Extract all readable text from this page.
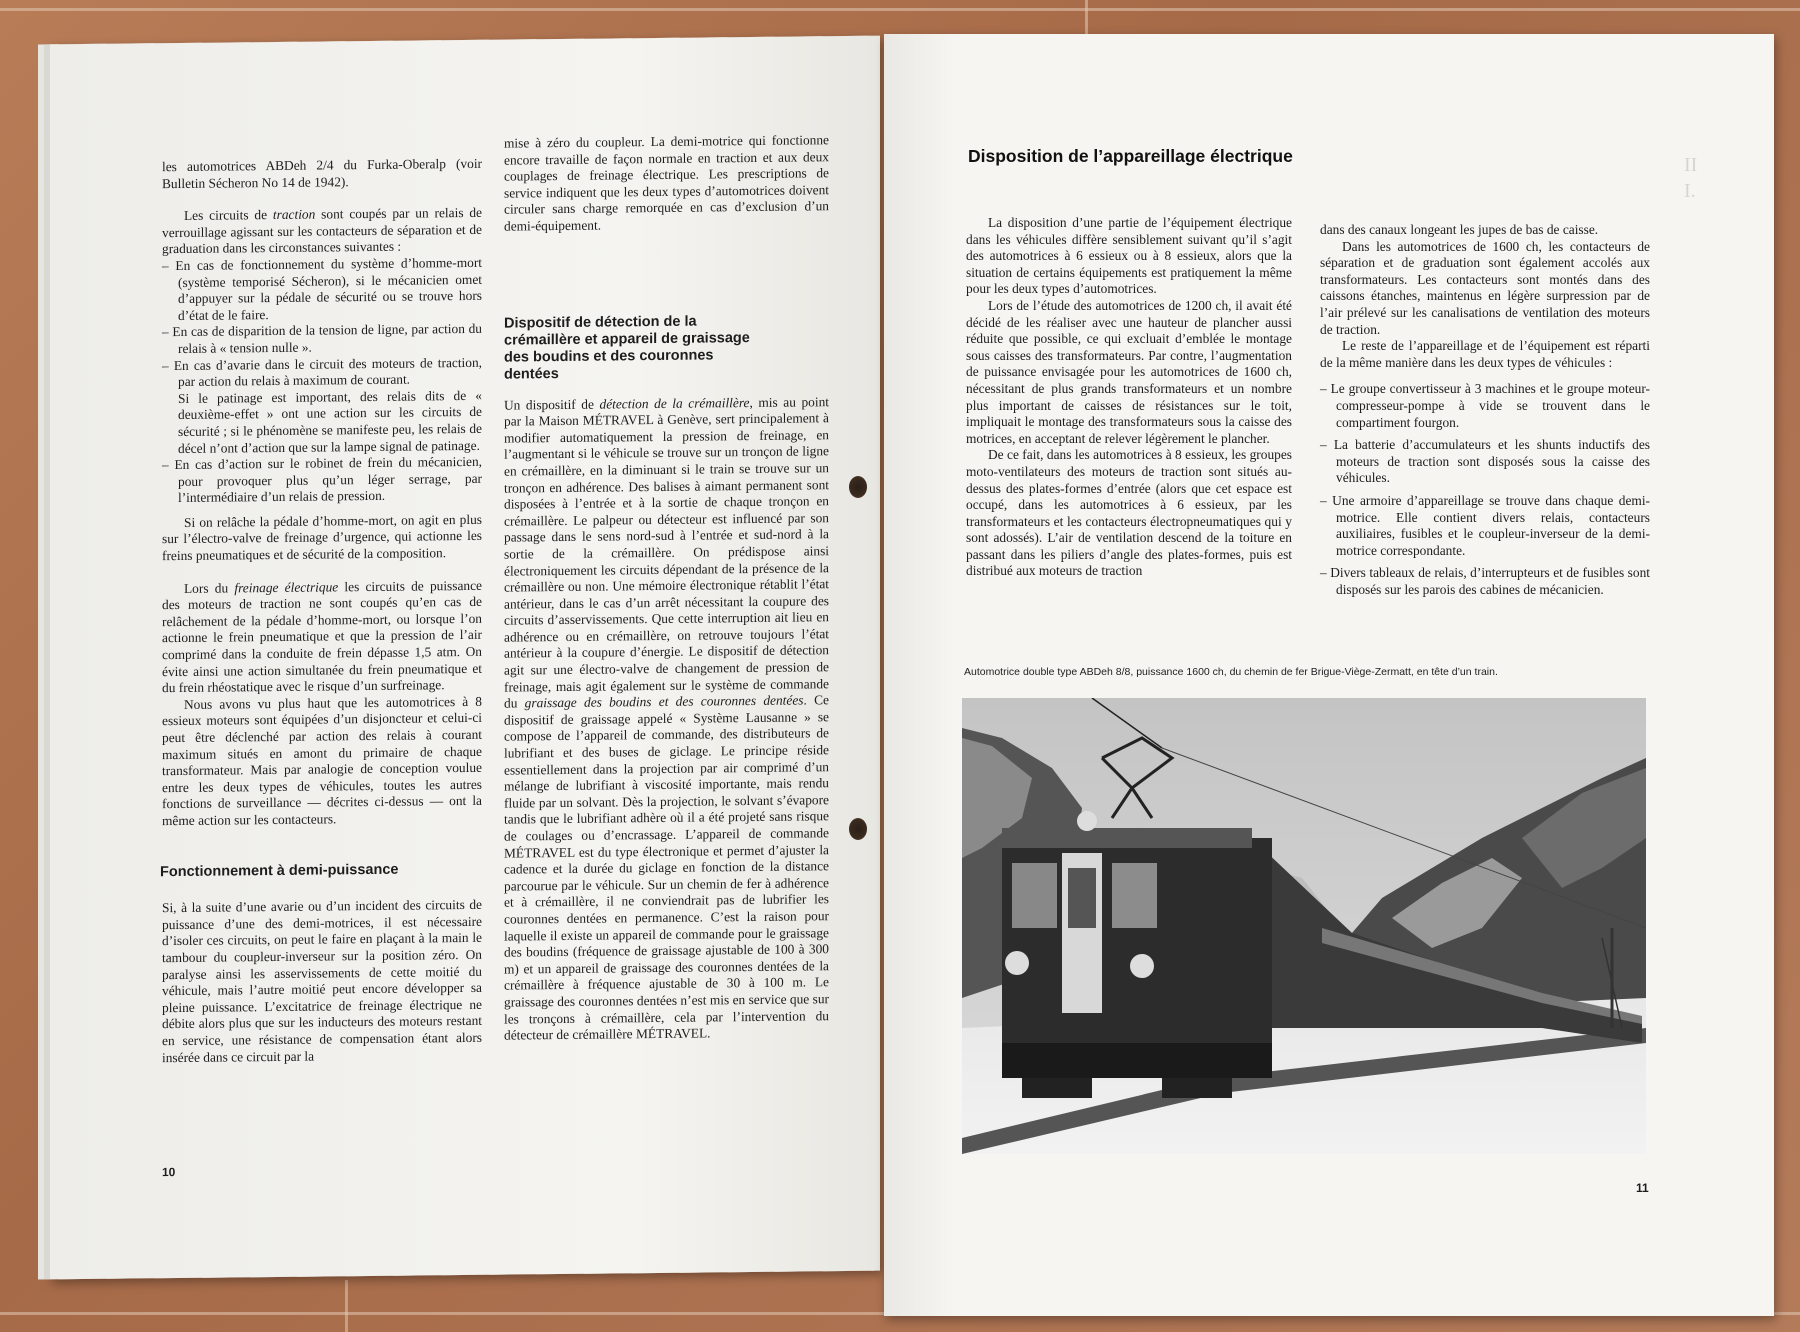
les automotrices ABDeh 2/4 du Furka-Oberalp (voir Bulletin Sécheron No 14 de 1942).

Les circuits de traction sont coupés par un relais de verrouillage agissant sur les contacteurs de séparation et de graduation dans les circonstances suivantes :

– En cas de fonctionnement du système d’homme-mort (système temporisé Sécheron), si le mécanicien omet d’appuyer sur la pédale de sécurité ou se trouve hors d’état de le faire.
– En cas de disparition de la tension de ligne, par action du relais à « tension nulle ».
– En cas d’avarie dans le circuit des moteurs de traction, par action du relais à maximum de courant.

Si le patinage est important, des relais dits de « deuxième-effet » ont une action sur les circuits de sécurité ; si le phénomène se manifeste peu, les relais de décel n’ont d’action que sur la lampe signal de patinage.

– En cas d’action sur le robinet de frein du mécanicien, pour provoquer plus qu’un léger serrage, par l’intermédiaire d’un relais de pression.

Si on relâche la pédale d’homme-mort, on agit en plus sur l’électro-valve de freinage d’urgence, qui actionne les freins pneumatiques et de sécurité de la composition.

Lors du freinage électrique les circuits de puissance des moteurs de traction ne sont coupés qu’en cas de relâchement de la pédale d’homme-mort, ou lorsque l’on actionne le frein pneumatique et que la pression de l’air comprimé dans la conduite de frein dépasse 1,5 atm. On évite ainsi une action simultanée du frein pneumatique et du frein rhéostatique avec le risque d’un surfreinage.

Nous avons vu plus haut que les automotrices à 8 essieux moteurs sont équipées d’un disjoncteur et celui-ci peut être déclenché par action des relais à courant maximum situés en amont du primaire de chaque transformateur. Mais par analogie de conception voulue entre les deux types de véhicules, toutes les autres fonctions de surveillance — décrites ci-dessus — ont la même action sur les contacteurs.

Fonctionnement à demi-puissance

Si, à la suite d’une avarie ou d’un incident des circuits de puissance d’une des demi-motrices, il est nécessaire d’isoler ces circuits, on peut le faire en plaçant à la main le tambour du coupleur-inverseur sur la position zéro. On paralyse ainsi les asservissements de cette moitié du véhicule, mais l’autre moitié peut encore développer sa pleine puissance. L’excitatrice de freinage électrique ne débite alors plus que sur les inducteurs des moteurs restant en service, une résistance de compensation étant alors insérée dans ce circuit par la

mise à zéro du coupleur. La demi-motrice qui fonctionne encore travaille de façon normale en traction et aux deux couplages de freinage électrique. Les prescriptions de service indiquent que les deux types d’automotrices doivent circuler sans charge remorquée en cas d’exclusion d’un demi-équipement.

Dispositif de détection de la crémaillère et appareil de graissage des boudins et des couronnes dentées

Un dispositif de détection de la crémaillère, mis au point par la Maison MÉTRAVEL à Genève, sert principalement à modifier automatiquement la pression de freinage, en l’augmentant si le véhicule se trouve sur un tronçon de ligne en crémaillère, en la diminuant si le train se trouve sur un tronçon en adhérence. Des balises à aimant permanent sont disposées à l’entrée et à la sortie de chaque tronçon en crémaillère. Le palpeur ou détecteur est influencé par son passage dans le sens nord-sud à l’entrée et sud-nord à la sortie de la crémaillère. On prédispose ainsi électroniquement les circuits dépendant de la présence de la crémaillère ou non. Une mémoire électronique rétablit l’état antérieur, dans le cas d’un arrêt nécessitant la coupure des circuits d’asservissements. Que cette interruption ait lieu en adhérence ou en crémaillère, on retrouve toujours l’état antérieur à la coupure d’énergie. Le dispositif de détection agit sur une électro-valve de changement de pression de freinage, mais agit également sur le système de commande du graissage des boudins et des couronnes dentées. Ce dispositif de graissage appelé « Système Lausanne » se compose de l’appareil de commande, des distributeurs de lubrifiant et des buses de giclage. Le principe réside essentiellement dans la projection par air comprimé d’un mélange de lubrifiant à viscosité importante, mais rendu fluide par un solvant. Dès la projection, le solvant s’évapore tandis que le lubrifiant adhère où il a été projeté sans risque de coulages ou d’encrassage. L’appareil de commande MÉTRAVEL est du type électronique et permet d’ajuster la cadence et la durée du giclage en fonction de la distance parcourue par le véhicule. Sur un chemin de fer à adhérence et à crémaillère, il ne conviendrait pas de lubrifier les couronnes dentées en permanence. C’est la raison pour laquelle il existe un appareil de commande pour le graissage des boudins (fréquence de graissage ajustable de 100 à 300 m) et un appareil de graissage des couronnes dentées de la crémaillère à fréquence ajustable de 30 à 100 m. Le graissage des couronnes dentées n’est mis en service que sur les tronçons à crémaillère, cela par l’intervention du détecteur de crémaillère MÉTRAVEL.

10
II
I.
Disposition de l’appareillage électrique

La disposition d’une partie de l’équipement électrique dans les véhicules diffère sensiblement suivant qu’il s’agit des automotrices à 6 essieux ou à 8 essieux, alors que la situation de certains équipements est pratiquement la même pour les deux types d’automotrices.

Lors de l’étude des automotrices de 1200 ch, il avait été décidé de les réaliser avec une hauteur de plancher aussi réduite que possible, ce qui excluait d’emblée le montage sous caisses des transformateurs. Par contre, l’augmentation de puissance envisagée pour les automotrices de 1600 ch, nécessitant de plus grands transformateurs et un nombre plus important de caisses de résistances sur le toit, impliquait le montage des transformateurs sous la caisse des motrices, en acceptant de relever légèrement le plancher.

De ce fait, dans les automotrices à 8 essieux, les groupes moto-ventilateurs des moteurs de traction sont situés au-dessus des plates-formes d’entrée (alors que cet espace est occupé, dans les automotrices à 6 essieux, par les transformateurs et les contacteurs électropneumatiques qui y sont adossés). L’air de ventilation descend de la toiture en passant dans les piliers d’angle des plates-formes, puis est distribué aux moteurs de traction

dans des canaux longeant les jupes de bas de caisse.

Dans les automotrices de 1600 ch, les contacteurs de séparation et de graduation sont également accolés aux transformateurs. Les contacteurs sont montés dans des caissons étanches, maintenus en légère surpression par de l’air prélevé sur les canalisations de ventilation des moteurs de traction.

Le reste de l’appareillage et de l’équipement est réparti de la même manière dans les deux types de véhicules :

– Le groupe convertisseur à 3 machines et le groupe moteur-compresseur-pompe à vide se trouvent dans le compartiment fourgon.
– La batterie d’accumulateurs et les shunts inductifs des moteurs de traction sont disposés sous la caisse des véhicules.
– Une armoire d’appareillage se trouve dans chaque demi-motrice. Elle contient divers relais, contacteurs auxiliaires, fusibles et le coupleur-inverseur de la demi-motrice correspondante.
– Divers tableaux de relais, d’interrupteurs et de fusibles sont disposés sur les parois des cabines de mécanicien.
Automotrice double type ABDeh 8/8, puissance 1600 ch, du chemin de fer Brigue-Viège-Zermatt, en tête d’un train.
11
